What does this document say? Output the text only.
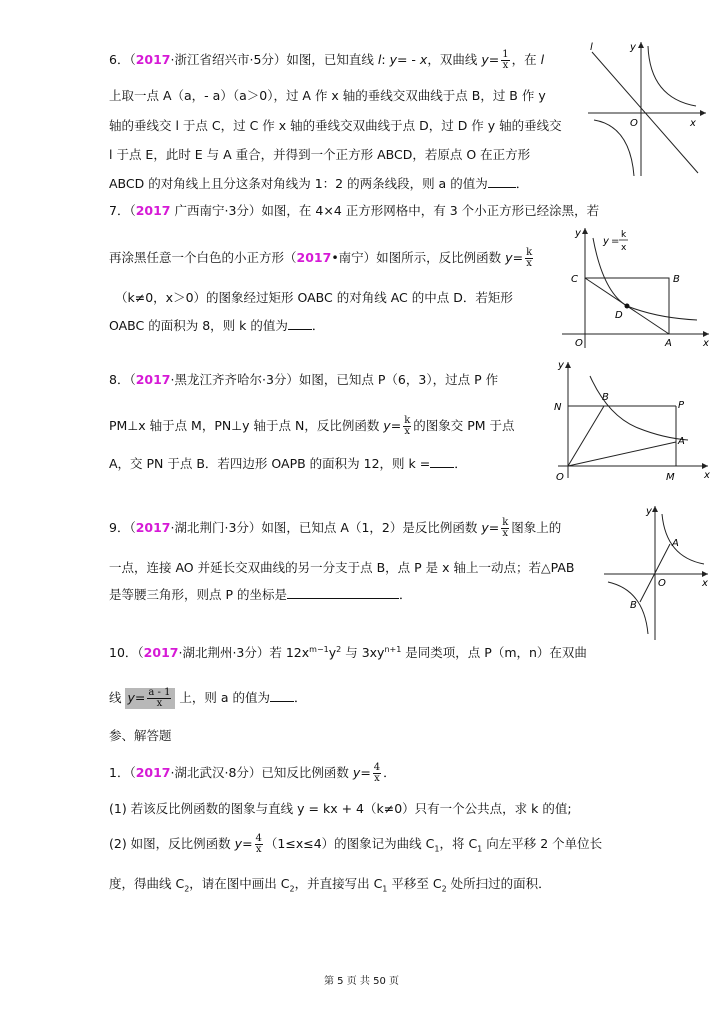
6．（2017·浙江省绍兴市·5分）如图，已知直线 l: y= - x，双曲线 $y= \frac{1}{x}$ ，在 l
上取一点 A（a，- a）（a＞0），过 A 作 x 轴的垂线交双曲线于点 B，过 B 作 y
轴的垂线交 l 于点 C，过 C 作 x 轴的垂线交双曲线于点 D，过 D 作 y 轴的垂线交
l 于点 E，此时 E 与 A 重合，并得到一个正方形 ABCD，若原点 O 在正方形
ABCD 的对角线上且分这条对角线为 1：2 的两条线段，则 a 的值为 ．
l	y
O	x
7．（2017 广西南宁·3分）如图，在 4×4 正方形网格中，有 3 个小正方形已经涂黑，若
再涂黑任意一个白色的小正方形（2017•南宁）如图所示，反比例函数 $y= \frac{k}{x}$
（k≠0，x＞0）的图象经过矩形 OABC 的对角线 AC 的中点 D．若矩形
OABC 的面积为 8，则 k 的值为 ．
y
y =
k
x
C	B
D
O	A	x
8．（2017·黑龙江齐齐哈尔·3分）如图，已知点 P（6，3），过点 P 作
PM⊥x 轴于点 M，PN⊥y 轴于点 N，反比例函数 $y= \frac{k}{x}$ 的图象交 PM 于点
A，交 PN 于点 B．若四边形 OAPB 的面积为 12，则 k = ．
y
N
B
P
A
O	M	x
9．（2017·湖北荆门·3分）如图，已知点 A（1，2）是反比例函数 $y= \frac{k}{x}$ 图象上的
一点，连接 AO 并延长交双曲线的另一分支于点 B，点 P 是 x 轴上一动点；若△PAB
是等腰三角形，则点 P 的坐标是	．
y
A
O
B
x
10．（2017·湖北荆州·3分）若 $12x^{m-1}y^2$ 与 $3xy^{n+1}$ 是同类项，点 P（m，n）在双曲
线 $y= \frac{a - 1}{x}$ 上，则 a 的值为 ．
参、解答题
1．（2017·湖北武汉·8分）已知反比例函数 $y= \frac{4}{x}$ ．
(1) 若该反比例函数的图象与直线 y = kx + 4（k≠0）只有一个公共点，求 k 的值;
(2) 如图，反比例函数 $y= \frac{4}{x} (1\le x\le 4)$的图象记为曲线 $C_1$，将 $C_1$ 向左平移 2 个单位长
度，得曲线 $C_2$，请在图中画出 $C_2$，并直接写出 $C_1$ 平移至 $C_2$ 处所扫过的面积．
第 5 页 共 50 页
